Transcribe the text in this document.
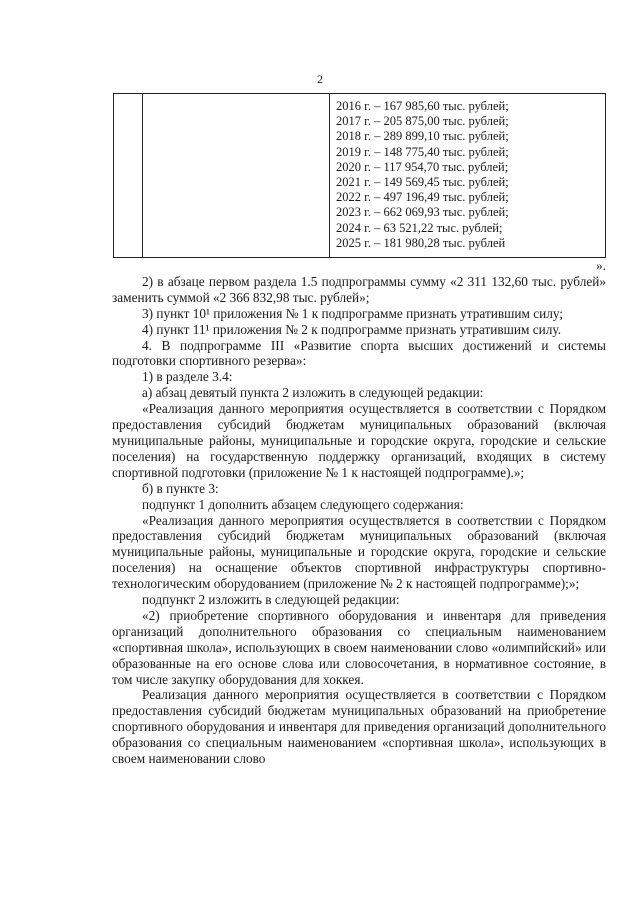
2

2016 г. – 167 985,60 тыс. рублей;
2017 г. – 205 875,00 тыс. рублей;
2018 г. – 289 899,10 тыс. рублей;
2019 г. – 148 775,40 тыс. рублей;
2020 г. – 117 954,70 тыс. рублей;
2021 г. – 149 569,45 тыс. рублей;
2022 г. – 497 196,49 тыс. рублей;
2023 г. – 662 069,93 тыс. рублей;
2024 г. – 63 521,22 тыс. рублей;
2025 г. – 181 980,28 тыс. рублей

».

2) в абзаце первом раздела 1.5 подпрограммы сумму «2 311 132,60 тыс. рублей» заменить суммой «2 366 832,98 тыс. рублей»;

3) пункт 10¹ приложения № 1 к подпрограмме признать утратившим силу;

4) пункт 11¹ приложения № 2 к подпрограмме признать утратившим силу.

4. В подпрограмме III «Развитие спорта высших достижений и системы подготовки спортивного резерва»:

1) в разделе 3.4:

а) абзац девятый пункта 2 изложить в следующей редакции:

«Реализация данного мероприятия осуществляется в соответствии с Порядком предоставления субсидий бюджетам муниципальных образований (включая муниципальные районы, муниципальные и городские округа, городские и сельские поселения) на государственную поддержку организаций, входящих в систему спортивной подготовки (приложение № 1 к настоящей подпрограмме).»;

б) в пункте 3:

подпункт 1 дополнить абзацем следующего содержания:

«Реализация данного мероприятия осуществляется в соответствии с Порядком предоставления субсидий бюджетам муниципальных образований (включая муниципальные районы, муниципальные и городские округа, городские и сельские поселения) на оснащение объектов спортивной инфраструктуры спортивно-технологическим оборудованием (приложение № 2 к настоящей подпрограмме);»;

подпункт 2 изложить в следующей редакции:

«2) приобретение спортивного оборудования и инвентаря для приведения организаций дополнительного образования со специальным наименованием «спортивная школа», использующих в своем наименовании слово «олимпийский» или образованные на его основе слова или словосочетания, в нормативное состояние, в том числе закупку оборудования для хоккея.

Реализация данного мероприятия осуществляется в соответствии с Порядком предоставления субсидий бюджетам муниципальных образований на приобретение спортивного оборудования и инвентаря для приведения организаций дополнительного образования со специальным наименованием «спортивная школа», использующих в своем наименовании слово
